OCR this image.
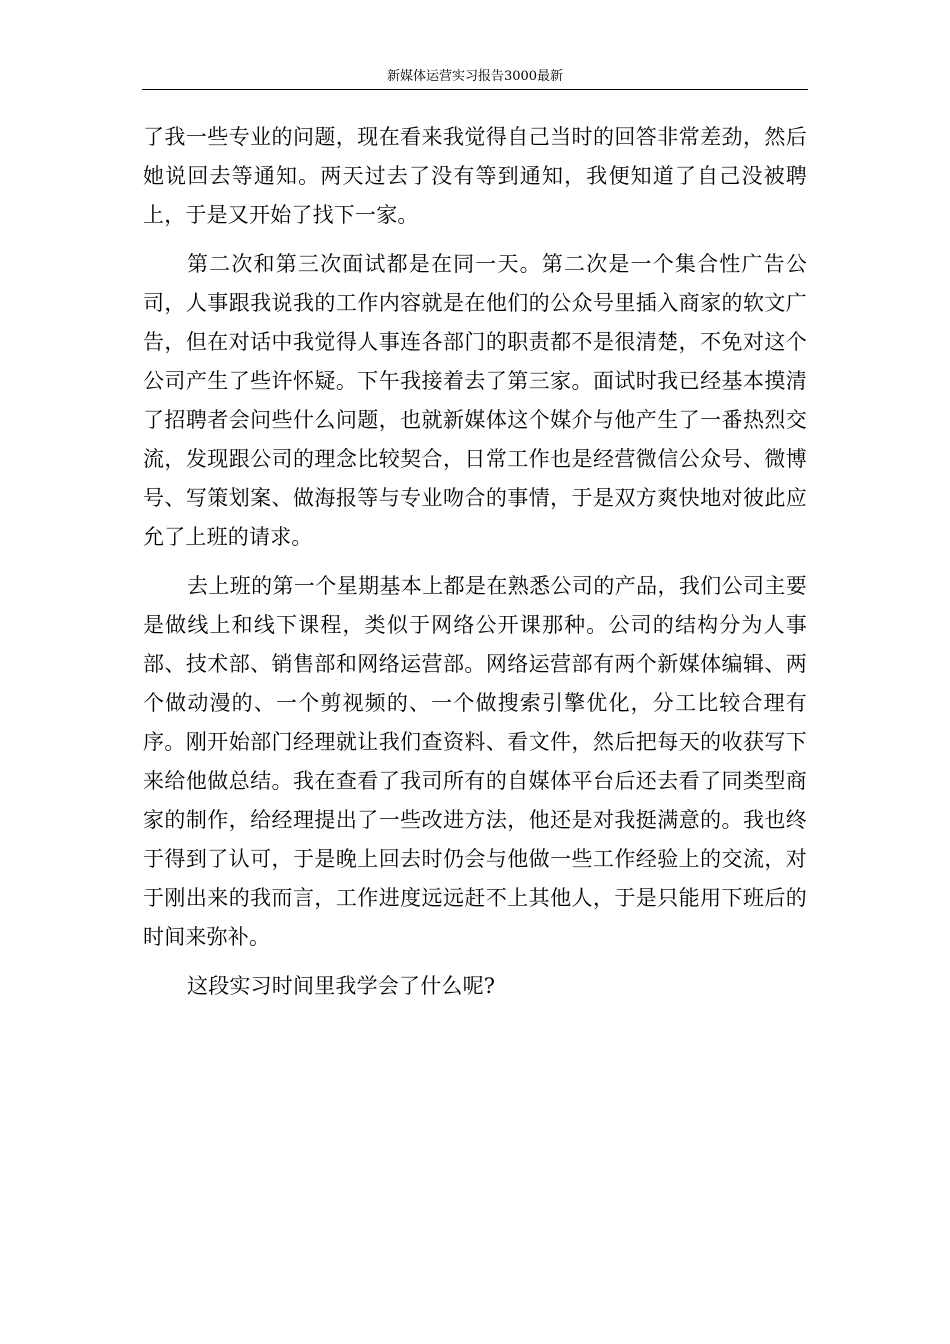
新媒体运营实习报告3000最新

了我一些专业的问题，现在看来我觉得自己当时的回答非常差劲，然后她说回去等通知。两天过去了没有等到通知，我便知道了自己没被聘上，于是又开始了找下一家。

第二次和第三次面试都是在同一天。第二次是一个集合性广告公司，人事跟我说我的工作内容就是在他们的公众号里插入商家的软文广告，但在对话中我觉得人事连各部门的职责都不是很清楚，不免对这个公司产生了些许怀疑。下午我接着去了第三家。面试时我已经基本摸清了招聘者会问些什么问题，也就新媒体这个媒介与他产生了一番热烈交流，发现跟公司的理念比较契合，日常工作也是经营微信公众号、微博号、写策划案、做海报等与专业吻合的事情，于是双方爽快地对彼此应允了上班的请求。

去上班的第一个星期基本上都是在熟悉公司的产品，我们公司主要是做线上和线下课程，类似于网络公开课那种。公司的结构分为人事部、技术部、销售部和网络运营部。网络运营部有两个新媒体编辑、两个做动漫的、一个剪视频的、一个做搜索引擎优化，分工比较合理有序。刚开始部门经理就让我们查资料、看文件，然后把每天的收获写下来给他做总结。我在查看了我司所有的自媒体平台后还去看了同类型商家的制作，给经理提出了一些改进方法，他还是对我挺满意的。我也终于得到了认可，于是晚上回去时仍会与他做一些工作经验上的交流，对于刚出来的我而言，工作进度远远赶不上其他人，于是只能用下班后的时间来弥补。

这段实习时间里我学会了什么呢?
